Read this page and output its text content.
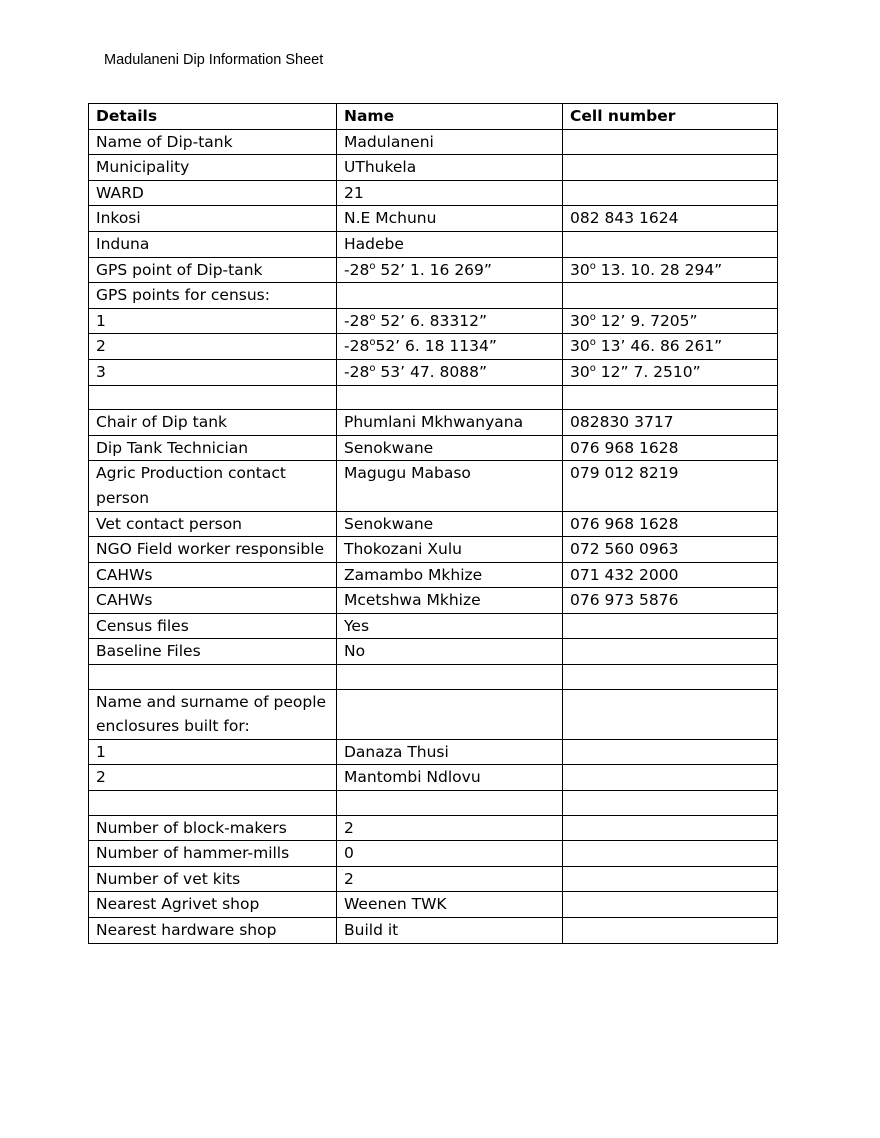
Madulaneni Dip Information Sheet
Details	Name	Cell number
Name of Dip-tank	Madulaneni	
Municipality	UThukela	
WARD	21	
Inkosi	N.E Mchunu	082 843 1624
Induna	Hadebe	
GPS point of Dip-tank	-28$^o$ 52’ 1. 16 269”	30$^o$ 13. 10. 28 294”
GPS points for census:		
1	-28$^o$ 52’ 6. 83312”	30$^o$ 12’ 9. 7205”
2	-28$^o$52’ 6. 18 1134”	30$^o$ 13’ 46. 86 261”
3	-28$^o$ 53’ 47. 8088”	30$^o$ 12” 7. 2510”

Chair of Dip tank	Phumlani Mkhwanyana	082830 3717
Dip Tank Technician	Senokwane	076 968 1628
Agric Production contact person	Magugu Mabaso	079 012 8219
Vet contact person	Senokwane	076 968 1628
NGO Field worker responsible	Thokozani Xulu	072 560 0963
CAHWs	Zamambo Mkhize	071 432 2000
CAHWs	Mcetshwa Mkhize	076 973 5876
Census files	Yes	
Baseline Files	No	

Name and surname of people enclosures built for:		
1	Danaza Thusi	
2	Mantombi Ndlovu	

Number of block-makers	2	
Number of hammer-mills	0	
Number of vet kits	2	
Nearest Agrivet shop	Weenen TWK	
Nearest hardware shop	Build it	
